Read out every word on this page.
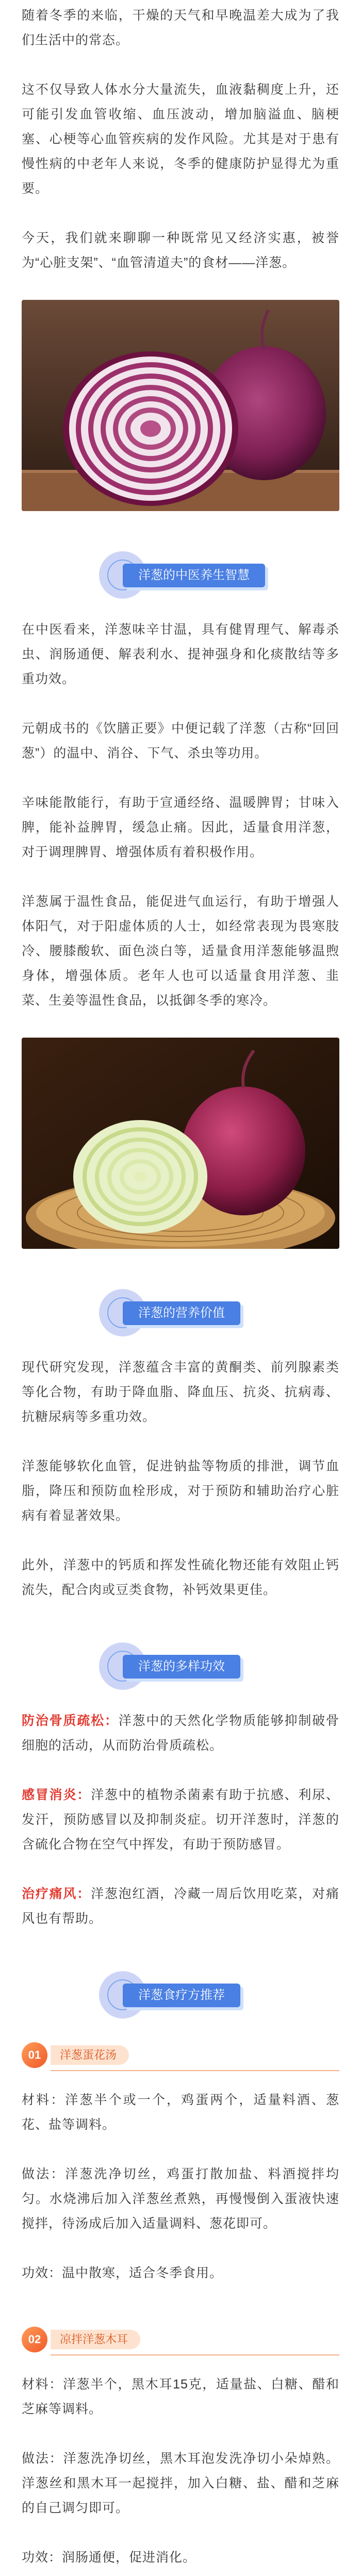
随着冬季的来临，干燥的天气和早晚温差大成为了我们生活中的常态。

这不仅导致人体水分大量流失，血液黏稠度上升，还可能引发血管收缩、血压波动，增加脑溢血、脑梗塞、心梗等心血管疾病的发作风险。尤其是对于患有慢性病的中老年人来说，冬季的健康防护显得尤为重要。

今天，我们就来聊聊一种既常见又经济实惠，被誉为“心脏支架”、“血管清道夫”的食材——洋葱。

洋葱的中医养生智慧

在中医看来，洋葱味辛甘温，具有健胃理气、解毒杀虫、润肠通便、解表利水、提神强身和化痰散结等多重功效。

元朝成书的《饮膳正要》中便记载了洋葱（古称“回回葱”）的温中、消谷、下气、杀虫等功用。

辛味能散能行，有助于宣通经络、温暖脾胃；甘味入脾，能补益脾胃，缓急止痛。因此，适量食用洋葱，对于调理脾胃、增强体质有着积极作用。

洋葱属于温性食品，能促进气血运行，有助于增强人体阳气，对于阳虚体质的人士，如经常表现为畏寒肢冷、腰膝酸软、面色淡白等，适量食用洋葱能够温煦身体，增强体质。老年人也可以适量食用洋葱、韭菜、生姜等温性食品，以抵御冬季的寒冷。

洋葱的营养价值

现代研究发现，洋葱蕴含丰富的黄酮类、前列腺素类等化合物，有助于降血脂、降血压、抗炎、抗病毒、抗糖尿病等多重功效。

洋葱能够软化血管，促进钠盐等物质的排泄，调节血脂，降压和预防血栓形成，对于预防和辅助治疗心脏病有着显著效果。

此外，洋葱中的钙质和挥发性硫化物还能有效阻止钙流失，配合肉或豆类食物，补钙效果更佳。

洋葱的多样功效

防治骨质疏松：洋葱中的天然化学物质能够抑制破骨细胞的活动，从而防治骨质疏松。

感冒消炎：洋葱中的植物杀菌素有助于抗感、利尿、发汗，预防感冒以及抑制炎症。切开洋葱时，洋葱的含硫化合物在空气中挥发，有助于预防感冒。

治疗痛风：洋葱泡红酒，冷藏一周后饮用吃菜，对痛风也有帮助。

洋葱食疗方推荐
01	洋葱蛋花汤

材料：洋葱半个或一个，鸡蛋两个，适量料酒、葱花、盐等调料。

做法：洋葱洗净切丝，鸡蛋打散加盐、料酒搅拌均匀。水烧沸后加入洋葱丝煮熟，再慢慢倒入蛋液快速搅拌，待汤成后加入适量调料、葱花即可。

功效：温中散寒，适合冬季食用。

02	凉拌洋葱木耳

材料：洋葱半个，黑木耳15克，适量盐、白糖、醋和芝麻等调料。

做法：洋葱洗净切丝，黑木耳泡发洗净切小朵焯熟。洋葱丝和黑木耳一起搅拌，加入白糖、盐、醋和芝麻的自己调匀即可。

功效：润肠通便，促进消化。
